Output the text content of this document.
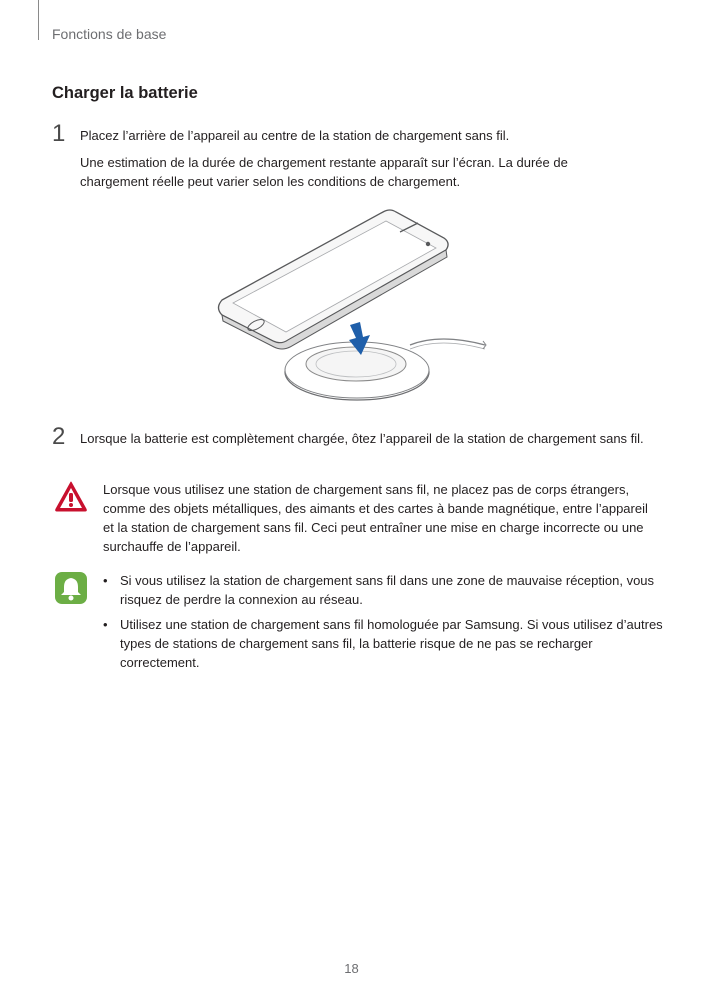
Fonctions de base
Charger la batterie
1 Placez l’arrière de l’appareil au centre de la station de chargement sans fil.
Une estimation de la durée de chargement restante apparaît sur l’écran. La durée de chargement réelle peut varier selon les conditions de chargement.
2 Lorsque la batterie est complètement chargée, ôtez l’appareil de la station de chargement sans fil.
Lorsque vous utilisez une station de chargement sans fil, ne placez pas de corps étrangers, comme des objets métalliques, des aimants et des cartes à bande magnétique, entre l’appareil et la station de chargement sans fil. Ceci peut entraîner une mise en charge incorrecte ou une surchauffe de l’appareil.
• Si vous utilisez la station de chargement sans fil dans une zone de mauvaise réception, vous risquez de perdre la connexion au réseau.
• Utilisez une station de chargement sans fil homologuée par Samsung. Si vous utilisez d’autres types de stations de chargement sans fil, la batterie risque de ne pas se recharger correctement.
18
